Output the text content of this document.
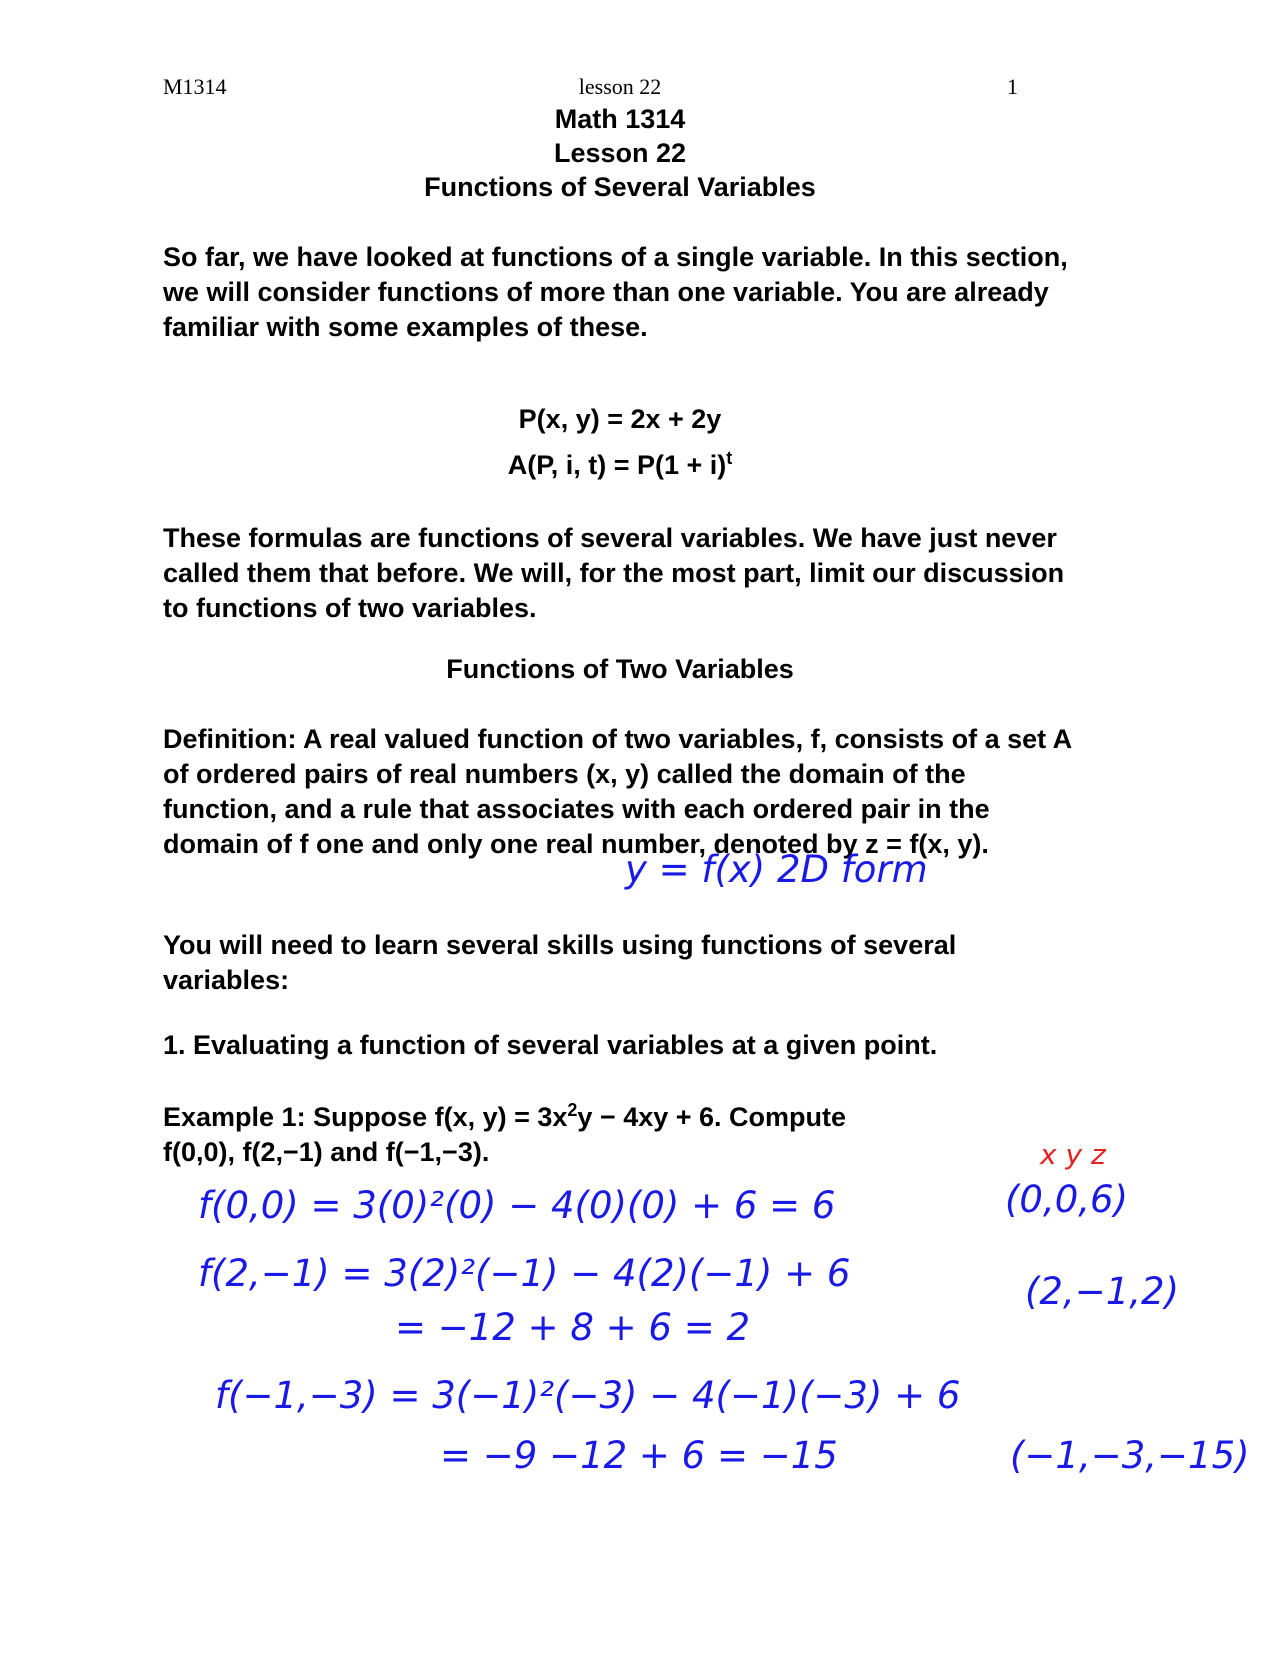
M1314	lesson 22	1
Math 1314
Lesson 22
Functions of Several Variables
So far, we have looked at functions of a single variable. In this section, we will consider functions of more than one variable. You are already familiar with some examples of these.
P(x, y) = 2x + 2y
A(P, i, $t) = P(1 + i)^t$
These formulas are functions of several variables. We have just never called them that before. We will, for the most part, limit our discussion to functions of two variables.
Functions of Two Variables
Definition: A real valued function of two variables, f, consists of a set A of ordered pairs of real numbers (x, y) called the domain of the function, and a rule that associates with each ordered pair in the domain of f one and only one real number, denoted by z = f(x, y).
You will need to learn several skills using functions of several variables:
1. Evaluating a function of several variables at a given point.
Example 1: Suppose f(x, $y) = 3x^2y - 4xy + 6$. Compute
f(0,0), f(2,−1) and f(−1,−3).
y = f(x) 2D form
x y z
f(0,0) = 3(0)²(0) − 4(0)(0) + 6 = 6	(0,0,6)
f(2,−1) = 3(2)²(−1) − 4(2)(−1) + 6
= −12 + 8 + 6 = 2
(2,−1,2)
f(−1,−3) = 3(−1)²(−3) − 4(−1)(−3) + 6
= −9 −12 + 6 = −15	(−1,−3,−15)
